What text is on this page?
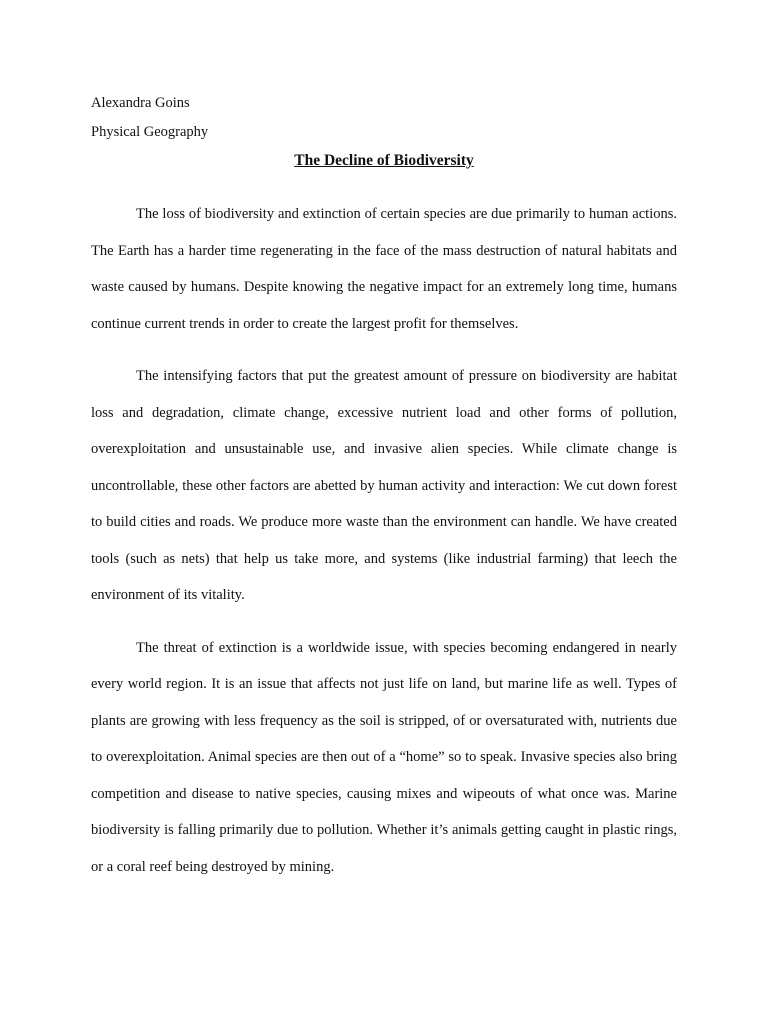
Alexandra Goins

Physical Geography

The Decline of Biodiversity

The loss of biodiversity and extinction of certain species are due primarily to human actions. The Earth has a harder time regenerating in the face of the mass destruction of natural habitats and waste caused by humans. Despite knowing the negative impact for an extremely long time, humans continue current trends in order to create the largest profit for themselves.

The intensifying factors that put the greatest amount of pressure on biodiversity are habitat loss and degradation, climate change, excessive nutrient load and other forms of pollution, overexploitation and unsustainable use, and invasive alien species. While climate change is uncontrollable, these other factors are abetted by human activity and interaction: We cut down forest to build cities and roads. We produce more waste than the environment can handle. We have created tools (such as nets) that help us take more, and systems (like industrial farming) that leech the environment of its vitality.

The threat of extinction is a worldwide issue, with species becoming endangered in nearly every world region. It is an issue that affects not just life on land, but marine life as well. Types of plants are growing with less frequency as the soil is stripped, of or oversaturated with, nutrients due to overexploitation. Animal species are then out of a “home” so to speak. Invasive species also bring competition and disease to native species, causing mixes and wipeouts of what once was. Marine biodiversity is falling primarily due to pollution. Whether it’s animals getting caught in plastic rings, or a coral reef being destroyed by mining.
